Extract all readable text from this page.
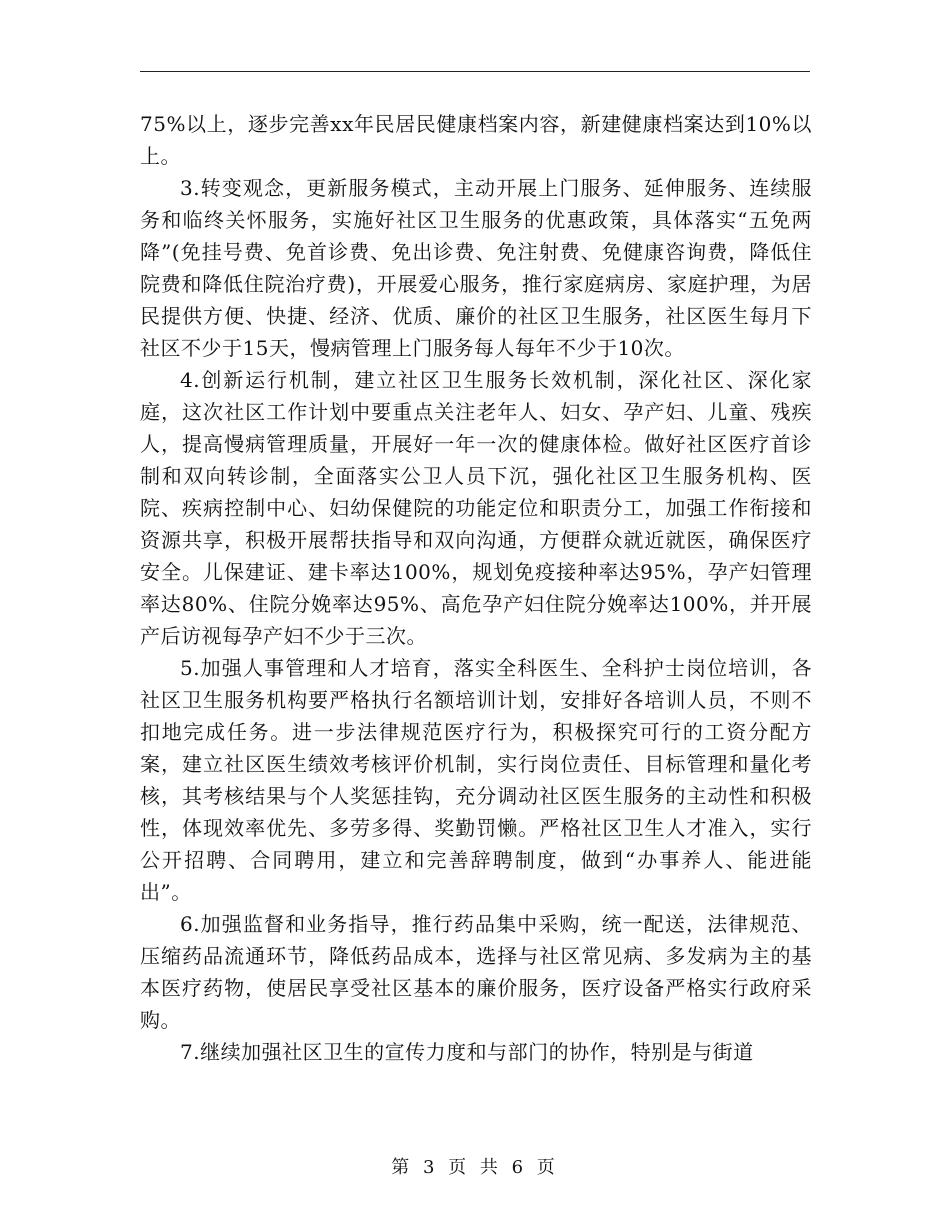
75%以上，逐步完善xx年民居民健康档案内容，新建健康档案达到10%以上。

3.转变观念，更新服务模式，主动开展上门服务、延伸服务、连续服务和临终关怀服务，实施好社区卫生服务的优惠政策，具体落实“五免两降”(免挂号费、免首诊费、免出诊费、免注射费、免健康咨询费，降低住院费和降低住院治疗费)，开展爱心服务，推行家庭病房、家庭护理，为居民提供方便、快捷、经济、优质、廉价的社区卫生服务，社区医生每月下社区不少于15天，慢病管理上门服务每人每年不少于10次。

4.创新运行机制，建立社区卫生服务长效机制，深化社区、深化家庭，这次社区工作计划中要重点关注老年人、妇女、孕产妇、儿童、残疾人，提高慢病管理质量，开展好一年一次的健康体检。做好社区医疗首诊制和双向转诊制，全面落实公卫人员下沉，强化社区卫生服务机构、医院、疾病控制中心、妇幼保健院的功能定位和职责分工，加强工作衔接和资源共享，积极开展帮扶指导和双向沟通，方便群众就近就医，确保医疗安全。儿保建证、建卡率达100%，规划免疫接种率达95%，孕产妇管理率达80%、住院分娩率达95%、高危孕产妇住院分娩率达100%，并开展产后访视每孕产妇不少于三次。

5.加强人事管理和人才培育，落实全科医生、全科护士岗位培训，各社区卫生服务机构要严格执行名额培训计划，安排好各培训人员，不则不扣地完成任务。进一步法律规范医疗行为，积极探究可行的工资分配方案，建立社区医生绩效考核评价机制，实行岗位责任、目标管理和量化考核，其考核结果与个人奖惩挂钩，充分调动社区医生服务的主动性和积极性，体现效率优先、多劳多得、奖勤罚懒。严格社区卫生人才准入，实行公开招聘、合同聘用，建立和完善辞聘制度，做到“办事养人、能进能出”。

6.加强监督和业务指导，推行药品集中采购，统一配送，法律规范、压缩药品流通环节，降低药品成本，选择与社区常见病、多发病为主的基本医疗药物，使居民享受社区基本的廉价服务，医疗设备严格实行政府采购。

7.继续加强社区卫生的宣传力度和与部门的协作，特别是与街道

第 3 页 共 6 页
